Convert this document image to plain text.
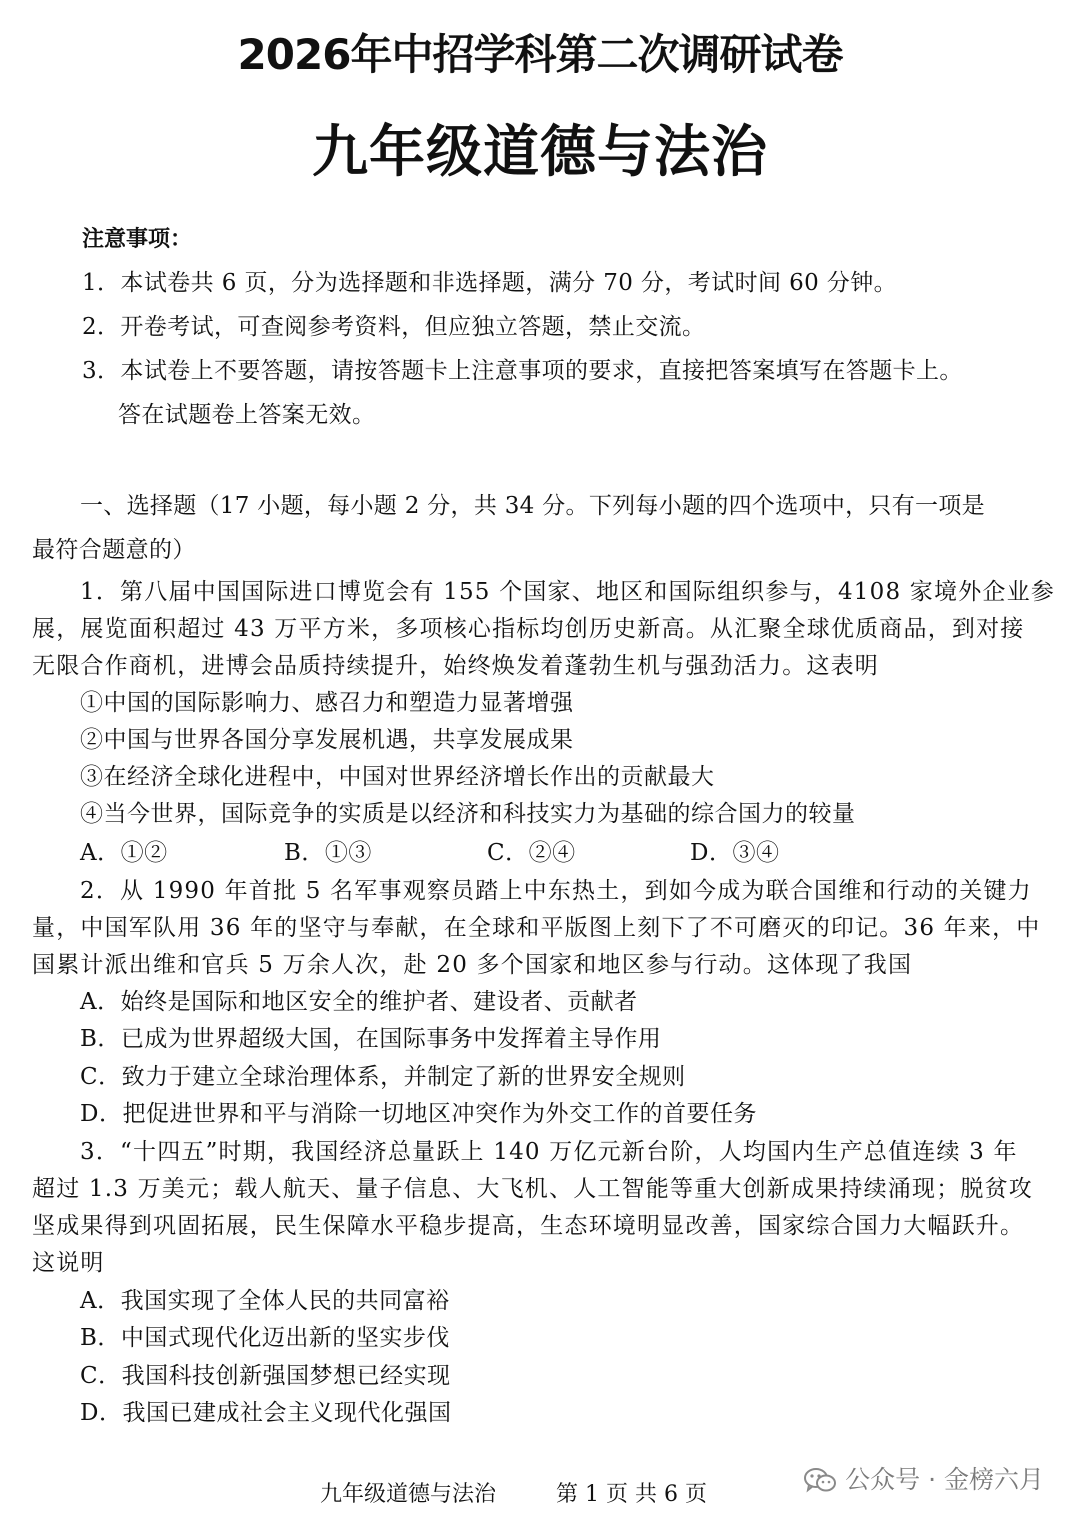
2026年中招学科第二次调研试卷
九年级道德与法治
注意事项：
1．本试卷共 6 页，分为选择题和非选择题，满分 70 分，考试时间 60 分钟。
2．开卷考试，可查阅参考资料，但应独立答题，禁止交流。
3．本试卷上不要答题，请按答题卡上注意事项的要求，直接把答案填写在答题卡上。
答在试题卷上答案无效。
一、选择题（17 小题，每小题 2 分，共 34 分。下列每小题的四个选项中，只有一项是
最符合题意的）
1．第八届中国国际进口博览会有 155 个国家、地区和国际组织参与，4108 家境外企业参
展，展览面积超过 43 万平方米，多项核心指标均创历史新高。从汇聚全球优质商品，到对接
无限合作商机，进博会品质持续提升，始终焕发着蓬勃生机与强劲活力。这表明
①中国的国际影响力、感召力和塑造力显著增强
②中国与世界各国分享发展机遇，共享发展成果
③在经济全球化进程中，中国对世界经济增长作出的贡献最大
④当今世界，国际竞争的实质是以经济和科技实力为基础的综合国力的较量
A．①②	B．①③	C．②④	D．③④
2．从 1990 年首批 5 名军事观察员踏上中东热土，到如今成为联合国维和行动的关键力
量，中国军队用 36 年的坚守与奉献，在全球和平版图上刻下了不可磨灭的印记。36 年来，中
国累计派出维和官兵 5 万余人次，赴 20 多个国家和地区参与行动。这体现了我国
A．始终是国际和地区安全的维护者、建设者、贡献者
B．已成为世界超级大国，在国际事务中发挥着主导作用
C．致力于建立全球治理体系，并制定了新的世界安全规则
D．把促进世界和平与消除一切地区冲突作为外交工作的首要任务
3．“十四五”时期，我国经济总量跃上 140 万亿元新台阶，人均国内生产总值连续 3 年
超过 1.3 万美元；载人航天、量子信息、大飞机、人工智能等重大创新成果持续涌现；脱贫攻
坚成果得到巩固拓展，民生保障水平稳步提高，生态环境明显改善，国家综合国力大幅跃升。
这说明
A．我国实现了全体人民的共同富裕
B．中国式现代化迈出新的坚实步伐
C．我国科技创新强国梦想已经实现
D．我国已建成社会主义现代化强国
九年级道德与法治	第 1 页 共 6 页
公众号 · 金榜六月
